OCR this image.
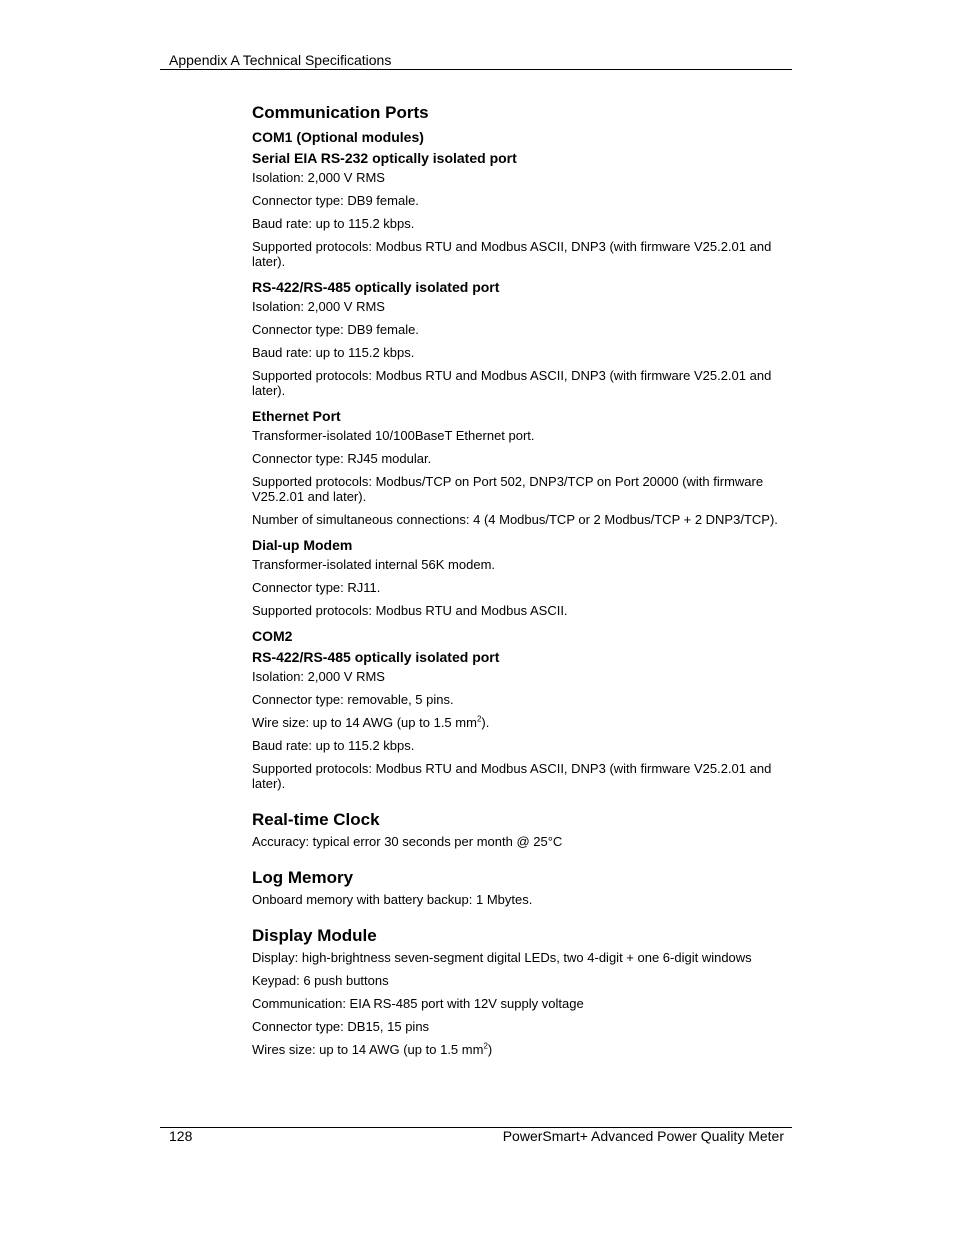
Appendix A Technical Specifications
Communication Ports
COM1 (Optional modules)
Serial EIA RS-232 optically isolated port

Isolation: 2,000 V RMS

Connector type: DB9 female.

Baud rate: up to 115.2 kbps.

Supported protocols: Modbus RTU and Modbus ASCII, DNP3 (with firmware V25.2.01 and later).

RS-422/RS-485 optically isolated port

Isolation: 2,000 V RMS

Connector type: DB9 female.

Baud rate: up to 115.2 kbps.

Supported protocols: Modbus RTU and Modbus ASCII, DNP3 (with firmware V25.2.01 and later).

Ethernet Port

Transformer-isolated 10/100BaseT Ethernet port.

Connector type: RJ45 modular.

Supported protocols: Modbus/TCP on Port 502, DNP3/TCP on Port 20000 (with firmware V25.2.01 and later).

Number of simultaneous connections: 4 (4 Modbus/TCP or 2 Modbus/TCP + 2 DNP3/TCP).

Dial-up Modem

Transformer-isolated internal 56K modem.

Connector type: RJ11.

Supported protocols: Modbus RTU and Modbus ASCII.

COM2
RS-422/RS-485 optically isolated port

Isolation: 2,000 V RMS

Connector type: removable, 5 pins.

Wire size: up to 14 AWG (up to 1.5 $mm^2$).

Baud rate: up to 115.2 kbps.

Supported protocols: Modbus RTU and Modbus ASCII, DNP3 (with firmware V25.2.01 and later).

Real-time Clock

Accuracy: typical error 30 seconds per month @ 25°C

Log Memory

Onboard memory with battery backup: 1 Mbytes.

Display Module

Display: high-brightness seven-segment digital LEDs, two 4-digit + one 6-digit windows

Keypad: 6 push buttons

Communication: EIA RS-485 port with 12V supply voltage

Connector type: DB15, 15 pins

Wires size: up to 14 AWG (up to 1.5 $mm^2$)

128	PowerSmart+ Advanced Power Quality Meter
